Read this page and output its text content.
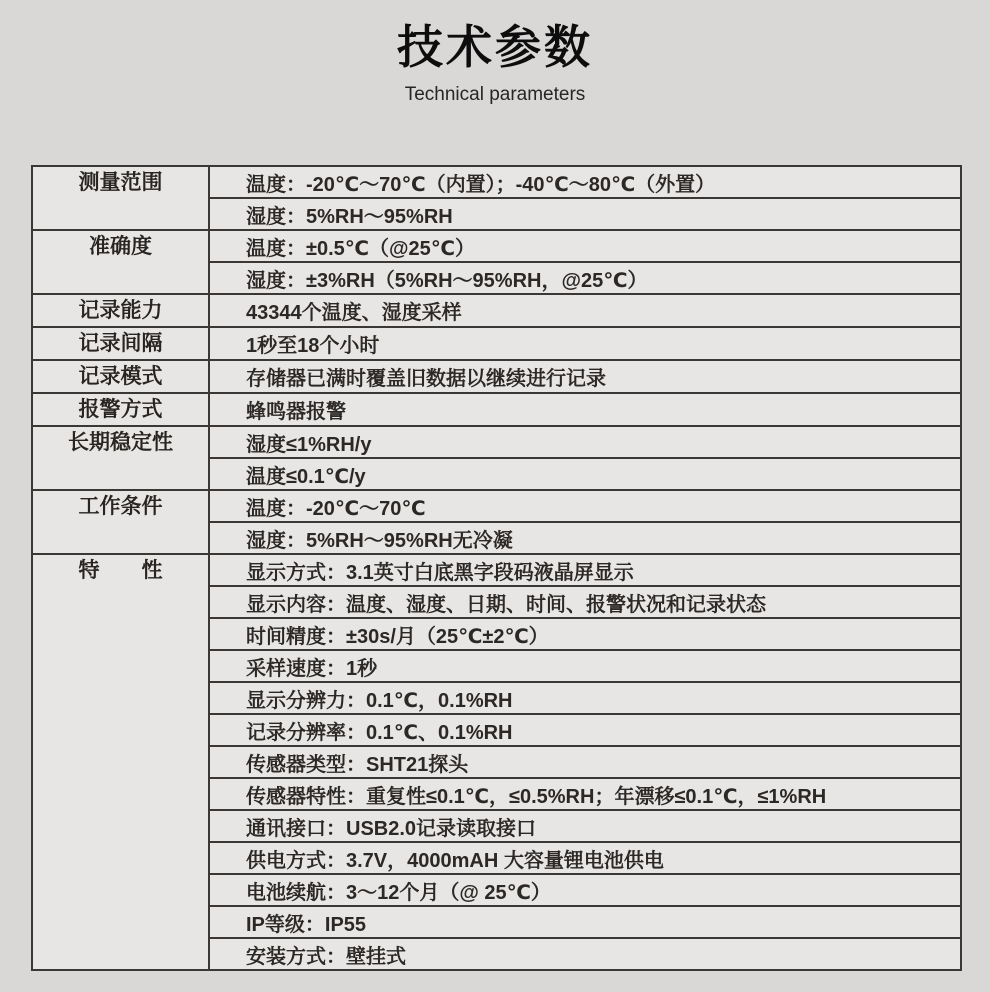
技术参数
Technical parameters
测量范围	温度：-20℃～70℃（内置）；-40℃～80℃（外置）
	湿度：5%RH～95%RH
准确度	温度：±0.5℃（@25℃）
	湿度：±3%RH（5%RH～95%RH，@25℃）
记录能力	43344个温度、湿度采样
记录间隔	1秒至18个小时
记录模式	存储器已满时覆盖旧数据以继续进行记录
报警方式	蜂鸣器报警
长期稳定性	湿度≤1%RH/y
	温度≤0.1℃/y
工作条件	温度：-20℃～70℃
	湿度：5%RH～95%RH无冷凝
特　　性	显示方式：3.1英寸白底黑字段码液晶屏显示
	显示内容：温度、湿度、日期、时间、报警状况和记录状态
	时间精度：±30s/月（25℃±2℃）
	采样速度：1秒
	显示分辨力：0.1℃，0.1%RH
	记录分辨率：0.1℃、0.1%RH
	传感器类型：SHT21探头
	传感器特性：重复性≤0.1℃，≤0.5%RH；年漂移≤0.1℃，≤1%RH
	通讯接口：USB2.0记录读取接口
	供电方式：3.7V，4000mAH 大容量锂电池供电
	电池续航：3～12个月（@ 25℃）
	IP等级：IP55
	安装方式：壁挂式
